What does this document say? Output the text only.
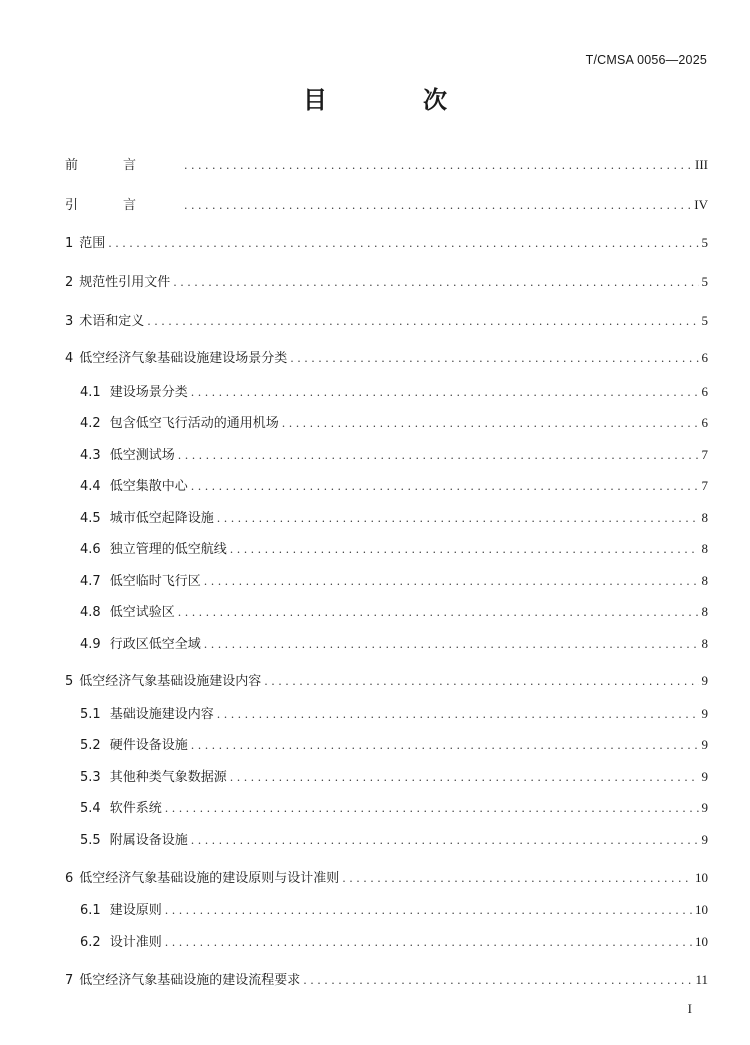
T/CMSA 0056—2025
目　次
前言 . . .	III
引言 . . .	IV
1 范围 . . .	5
2 规范性引用文件 . . .	5
3 术语和定义 . . .	5
4 低空经济气象基础设施建设场景分类 . . .	6
4.1 建设场景分类 . . .	6
4.2 包含低空飞行活动的通用机场 . . .	6
4.3 低空测试场 . . .	7
4.4 低空集散中心 . . .	7
4.5 城市低空起降设施 . . .	8
4.6 独立管理的低空航线 . . .	8
4.7 低空临时飞行区 . . .	8
4.8 低空试验区 . . .	8
4.9 行政区低空全域 . . .	8
5 低空经济气象基础设施建设内容 . . .	9
5.1 基础设施建设内容 . . .	9
5.2 硬件设备设施 . . .	9
5.3 其他种类气象数据源 . . .	9
5.4 软件系统 . . .	9
5.5 附属设备设施 . . .	9
6 低空经济气象基础设施的建设原则与设计准则 . . .	10
6.1 建设原则 . . .	10
6.2 设计准则 . . .	10
7 低空经济气象基础设施的建设流程要求 . . .	11
I
